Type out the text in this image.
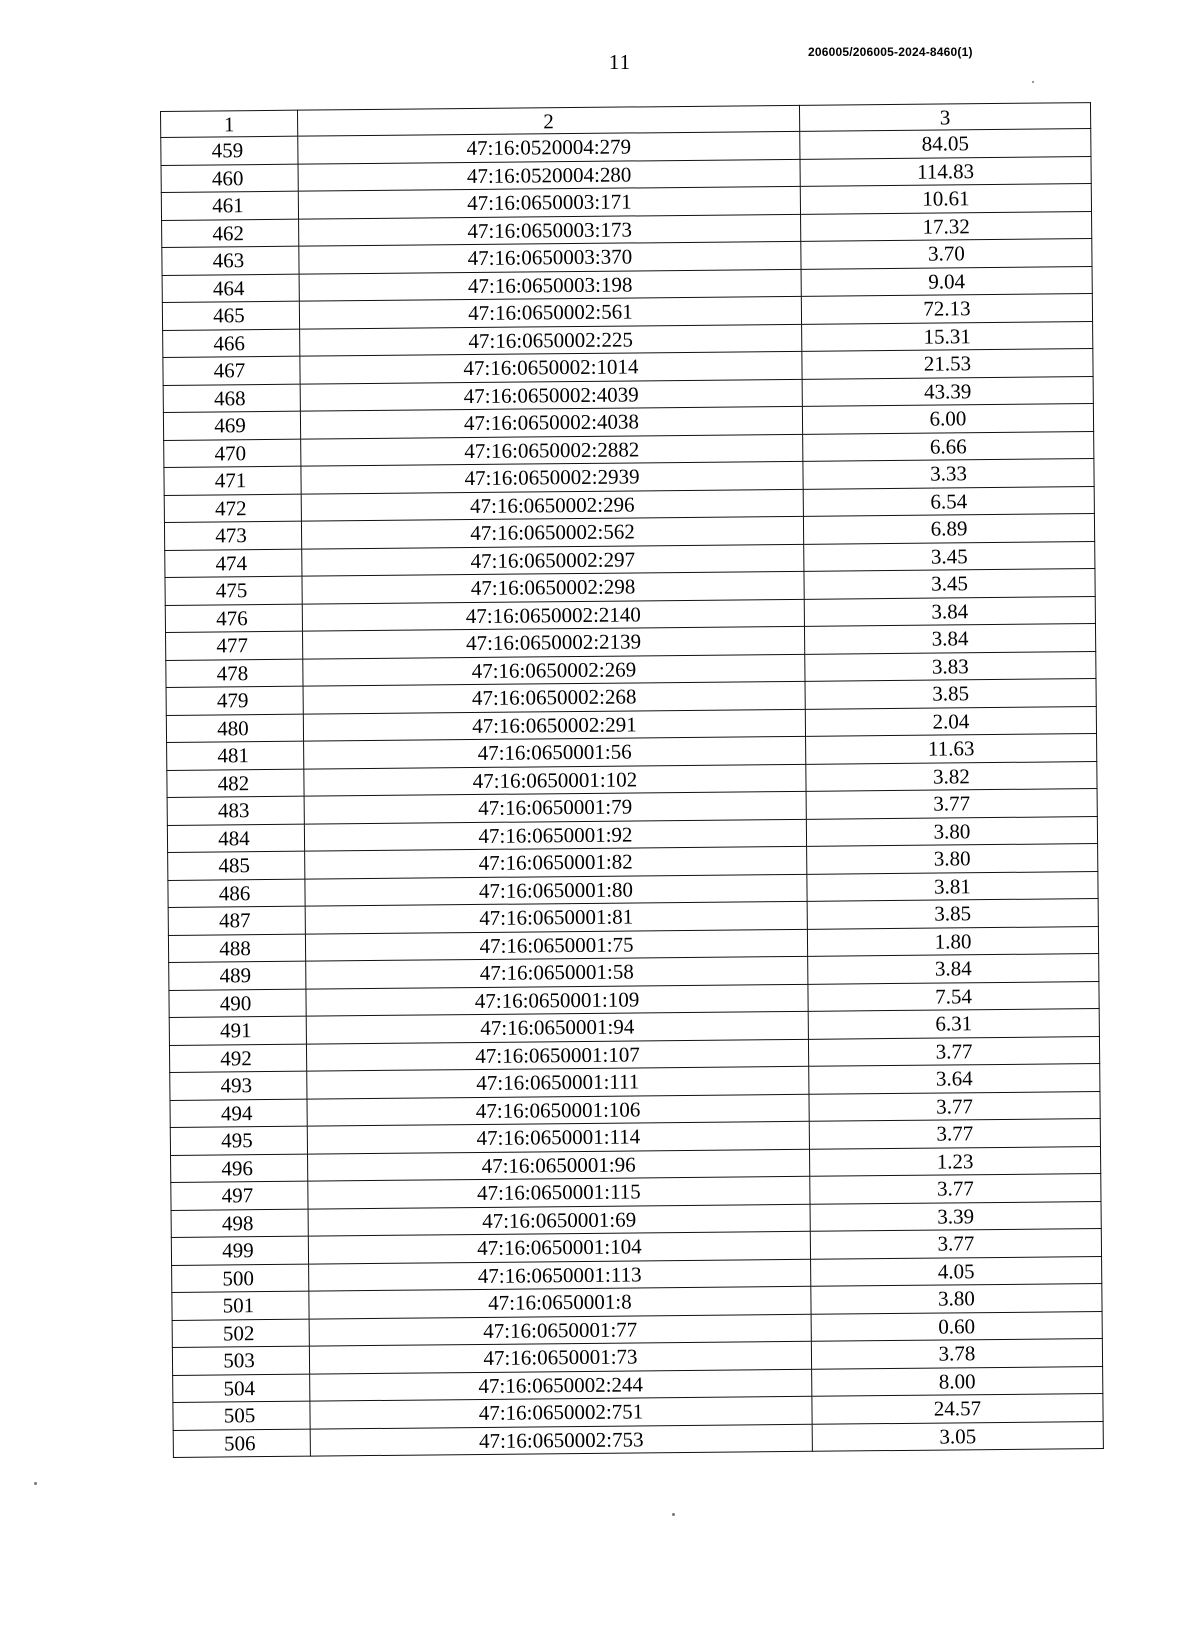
11	206005/206005-2024-8460(1)
1	2	3
459	47:16:0520004:279	84.05
460	47:16:0520004:280	114.83
461	47:16:0650003:171	10.61
462	47:16:0650003:173	17.32
463	47:16:0650003:370	3.70
464	47:16:0650003:198	9.04
465	47:16:0650002:561	72.13
466	47:16:0650002:225	15.31
467	47:16:0650002:1014	21.53
468	47:16:0650002:4039	43.39
469	47:16:0650002:4038	6.00
470	47:16:0650002:2882	6.66
471	47:16:0650002:2939	3.33
472	47:16:0650002:296	6.54
473	47:16:0650002:562	6.89
474	47:16:0650002:297	3.45
475	47:16:0650002:298	3.45
476	47:16:0650002:2140	3.84
477	47:16:0650002:2139	3.84
478	47:16:0650002:269	3.83
479	47:16:0650002:268	3.85
480	47:16:0650002:291	2.04
481	47:16:0650001:56	11.63
482	47:16:0650001:102	3.82
483	47:16:0650001:79	3.77
484	47:16:0650001:92	3.80
485	47:16:0650001:82	3.80
486	47:16:0650001:80	3.81
487	47:16:0650001:81	3.85
488	47:16:0650001:75	1.80
489	47:16:0650001:58	3.84
490	47:16:0650001:109	7.54
491	47:16:0650001:94	6.31
492	47:16:0650001:107	3.77
493	47:16:0650001:111	3.64
494	47:16:0650001:106	3.77
495	47:16:0650001:114	3.77
496	47:16:0650001:96	1.23
497	47:16:0650001:115	3.77
498	47:16:0650001:69	3.39
499	47:16:0650001:104	3.77
500	47:16:0650001:113	4.05
501	47:16:0650001:8	3.80
502	47:16:0650001:77	0.60
503	47:16:0650001:73	3.78
504	47:16:0650002:244	8.00
505	47:16:0650002:751	24.57
506	47:16:0650002:753	3.05
